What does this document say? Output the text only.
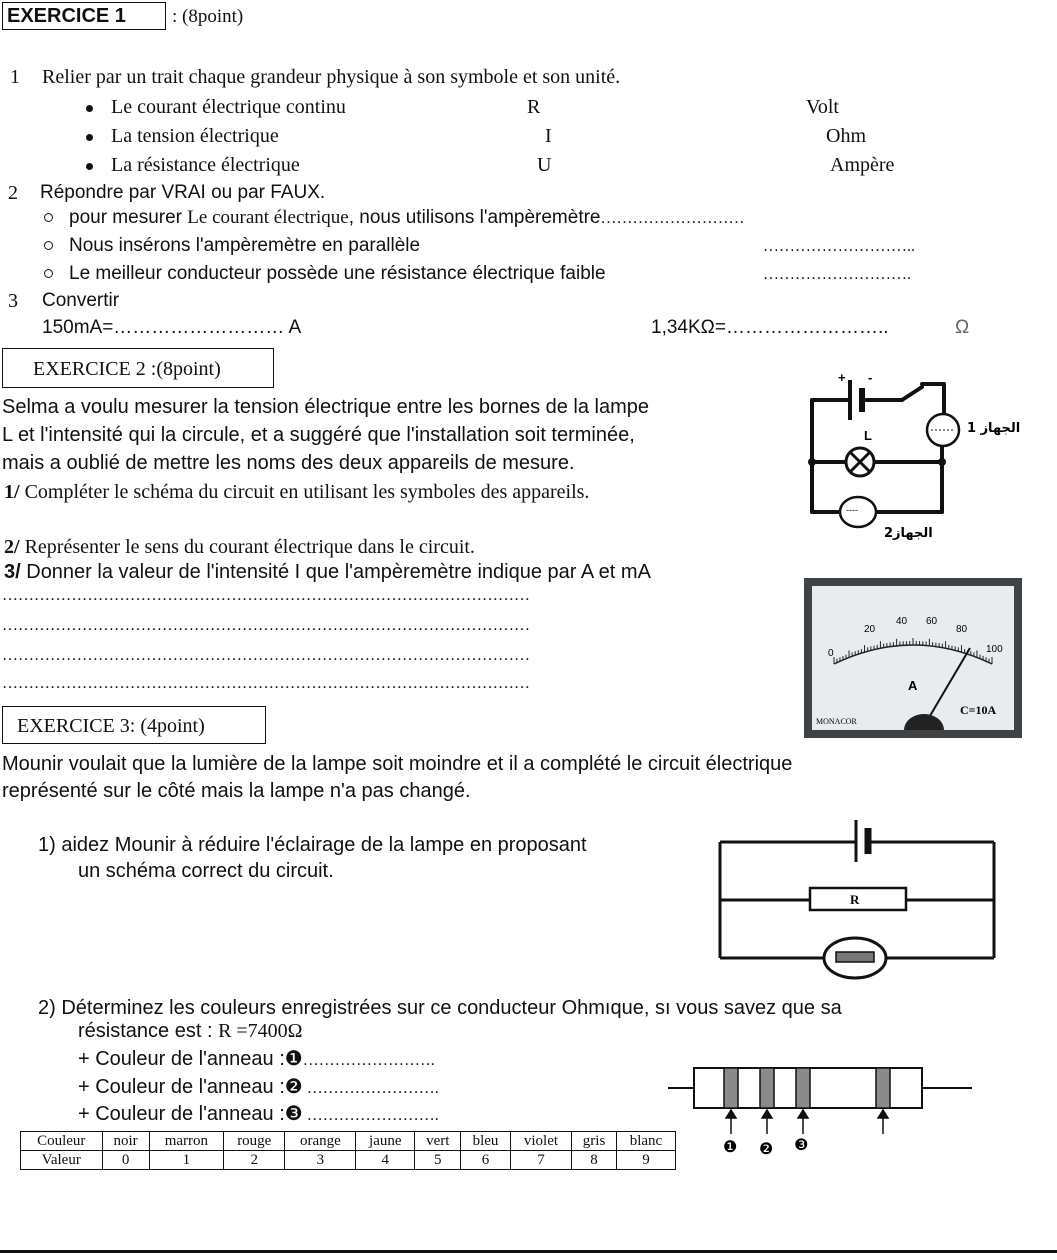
EXERCICE 1	: (8point)
1 Relier par un trait chaque grandeur physique à son symbole et son unité.
Le courant électrique continu	R	Volt
La tension électrique	I	Ohm
La résistance électrique	U	Ampère
2 Répondre par VRAI ou par FAUX.
pour mesurer Le courant électrique, nous utilisons l'ampèremètre………………………
Nous insérons l'ampèremètre en parallèle	………………………..
Le meilleur conducteur possède une résistance électrique faible	……………………….
3 Convertir
150mA=……………………… A	1,34KΩ=……………………..	Ω
EXERCICE 2 :(8point)
Selma a voulu mesurer la tension électrique entre les bornes de la lampe
L et l'intensité qui la circule, et a suggéré que l'installation soit terminée,
mais a oublié de mettre les noms des deux appareils de mesure.
1/ Compléter le schéma du circuit en utilisant les symboles des appareils.
2/ Représenter le sens du courant électrique dans le circuit.
3/ Donner la valeur de l'intensité I que l'ampèremètre indique par A et mA
………………………………………………………………………………………
………………………………………………………………………………………
………………………………………………………………………………………
………………………………………………………………………………………
+ -
1 الجهاز
L
----
الجهاز2
0
20
40 60
80
100
A
C=10A
MONACOR
EXERCICE 3: (4point)
Mounir voulait que la lumière de la lampe soit moindre et il a complété le circuit électrique
représenté sur le côté mais la lampe n'a pas changé.
1) aidez Mounir à réduire l'éclairage de la lampe en proposant
un schéma correct du circuit.
R
2) Déterminez les couleurs enregistrées sur ce conducteur Ohmıque, sı vous savez que sa
résistance est : R =7400Ω
+ Couleur de l'anneau :❶…………………….
+ Couleur de l'anneau :❷ …………………….
+ Couleur de l'anneau :❸ …………………….
Couleur	noir	marron	rouge	orange	jaune	vert	bleu	violet	gris	blanc
Valeur	0	1	2	3	4	5	6	7	8	9
❶ ❷ ❸
